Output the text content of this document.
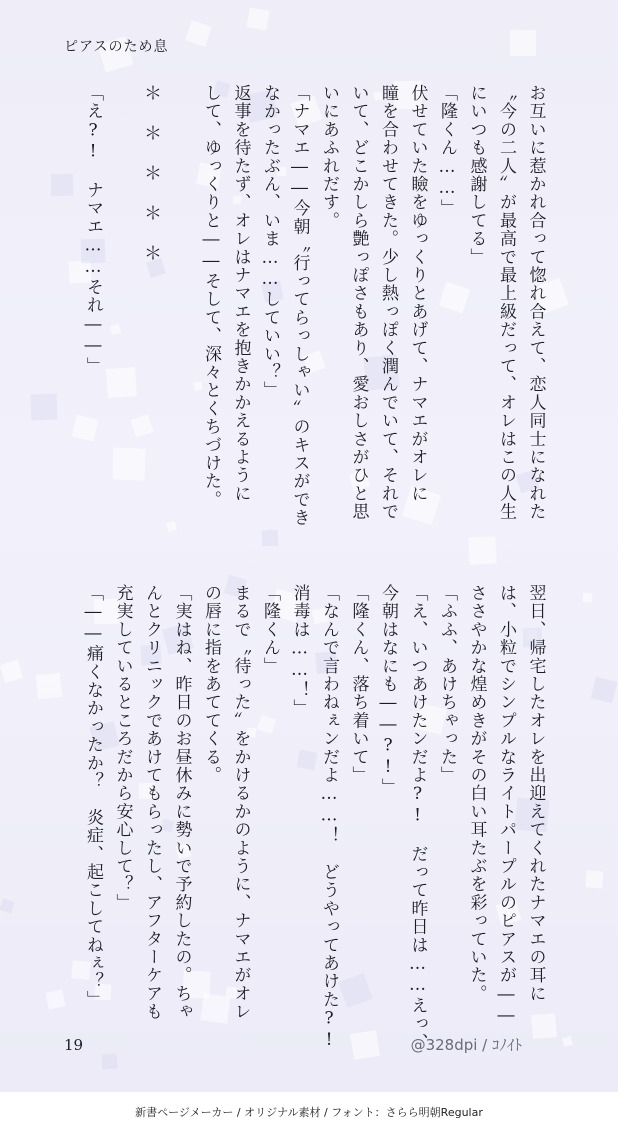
ピアスのため息

お互いに惹かれ合って惚れ合えて、恋人同士になれた

〝今の二人〟が最高で最上級だって、オレはこの人生

にいつも感謝してる」

「隆くん……」

伏せていた瞼をゆっくりとあげて、ナマエがオレに

瞳を合わせてきた。少し熱っぽく潤んでいて、それで

いて、どこかしら艶っぽさもあり、愛おしさがひと思

いにあふれだす。

「ナマエ――今朝〝行ってらっしゃい〟のキスができ

なかったぶん、いま……していい？」

返事を待たず、オレはナマエを抱きかかえるように

して、ゆっくりと――そして、深々とくちづけた。

＊＊＊＊＊

「え?!　ナマエ……それ――」

翌日、帰宅したオレを出迎えてくれたナマエの耳に

は、小粒でシンプルなライトパープルのピアスが――

ささやかな煌めきがその白い耳たぶを彩っていた。

「ふふ、あけちゃった」

「え、いつあけたンだよ?!　だって昨日は……えっ、

今朝はなにも――?!」

「隆くん、落ち着いて」

「なんで言わねぇンだよ……！　どうやってあけた?!

消毒は……！」

「隆くん」

まるで〝待った〟をかけるかのように、ナマエがオレ

の唇に指をあててくる。

「実はね、昨日のお昼休みに勢いで予約したの。ちゃ

んとクリニックであけてもらったし、アフターケアも

充実しているところだから安心して？」

「――痛くなかったか？　炎症、起こしてねぇ？」

19	@328dpi / ｺﾉｲﾄ
新書ページメーカー / オリジナル素材 / フォント：さらら明朝Regular
